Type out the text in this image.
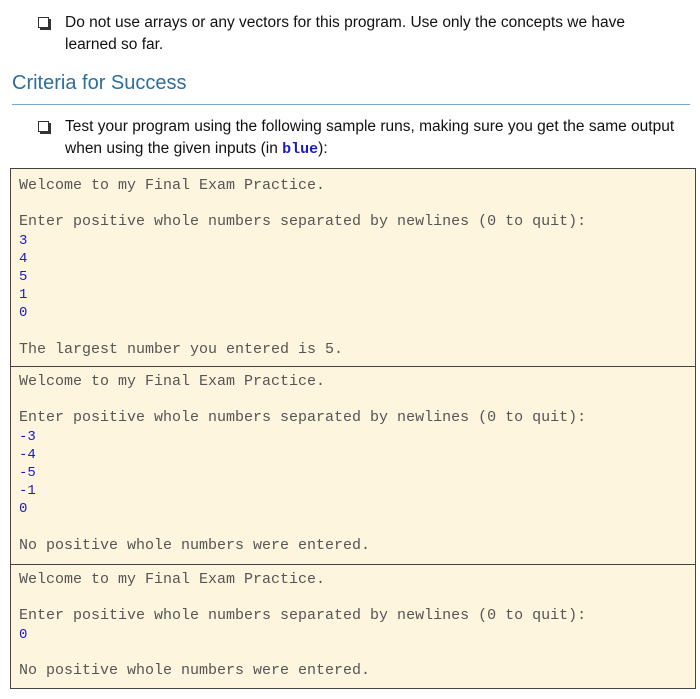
Do not use arrays or any vectors for this program. Use only the concepts we have learned so far.
Criteria for Success
Test your program using the following sample runs, making sure you get the same output when using the given inputs (in blue):
Welcome to my Final Exam Practice.
Enter positive whole numbers separated by newlines (0 to quit):
3
4
5
1
0
The largest number you entered is 5.
Welcome to my Final Exam Practice.
Enter positive whole numbers separated by newlines (0 to quit):
-3
-4
-5
-1
0
No positive whole numbers were entered.
Welcome to my Final Exam Practice.
Enter positive whole numbers separated by newlines (0 to quit):
0
No positive whole numbers were entered.
